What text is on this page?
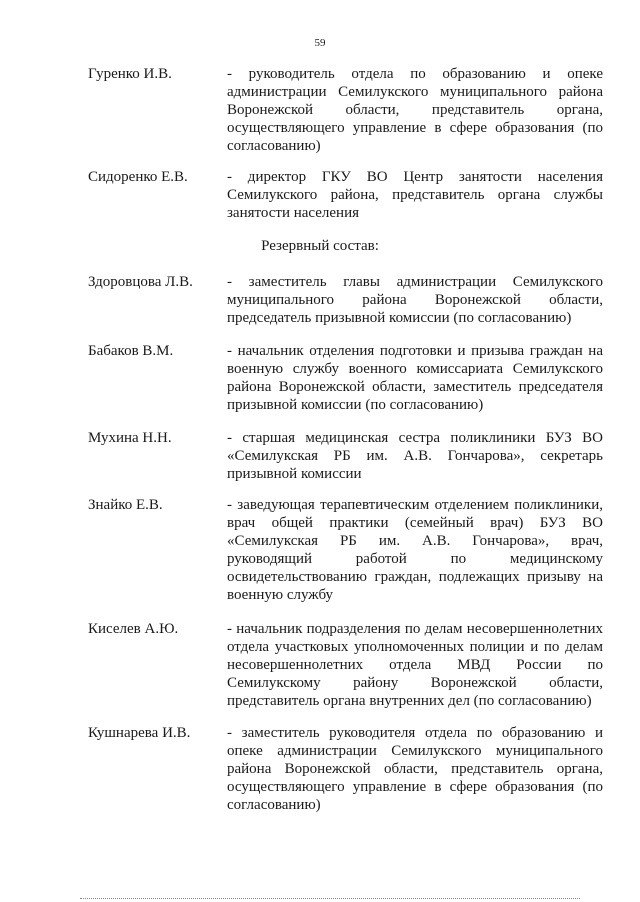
59
Гуренко И.В.	- руководитель отдела по образованию и опеке
администрации Семилукского муниципального района
Воронежской области, представитель органа,
осуществляющего управление в сфере образования (по
согласованию)
Сидоренко Е.В.	- директор ГКУ ВО Центр занятости населения
Семилукского района, представитель органа службы
занятости населения
Резервный состав:
Здоровцова Л.В. - заместитель главы администрации Семилукского
муниципального района Воронежской области,
председатель призывной комиссии (по согласованию)
Бабаков В.М.	- начальник отделения подготовки и призыва граждан на
военную службу военного комиссариата Семилукского
района Воронежской области, заместитель председателя
призывной комиссии (по согласованию)
Мухина Н.Н.	- старшая медицинская сестра поликлиники БУЗ ВО
«Семилукская РБ им. А.В. Гончарова», секретарь
призывной комиссии
Знайко Е.В.	- заведующая терапевтическим отделением поликлиники,
врач общей практики (семейный врач) БУЗ ВО
«Семилукская РБ им. А.В. Гончарова», врач,
руководящий работой по медицинскому
освидетельствованию граждан, подлежащих призыву на
военную службу
Киселев А.Ю.	- начальник подразделения по делам несовершеннолетних
отдела участковых уполномоченных полиции и по делам
несовершеннолетних отдела МВД России по
Семилукскому району Воронежской области,
представитель органа внутренних дел (по согласованию)
Кушнарева И.В. - заместитель руководителя отдела по образованию и
опеке администрации Семилукского муниципального
района Воронежской области, представитель органа,
осуществляющего управление в сфере образования (по
согласованию)
